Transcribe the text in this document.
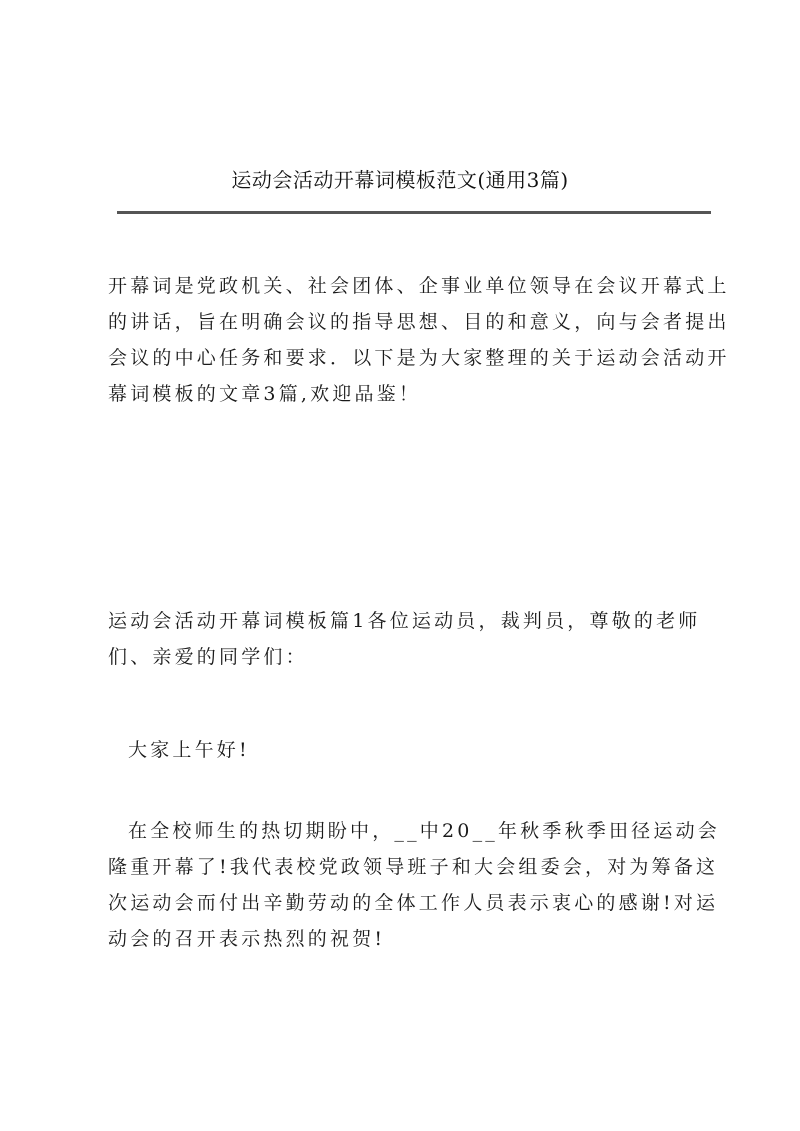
运动会活动开幕词模板范文(通用3篇)
开幕词是党政机关、社会团体、企事业单位领导在会议开幕式上
的讲话，旨在明确会议的指导思想、目的和意义，向与会者提出
会议的中心任务和要求．以下是为大家整理的关于运动会活动开
幕词模板的文章3篇,欢迎品鉴！
运动会活动开幕词模板篇1各位运动员，裁判员，尊敬的老师
们、亲爱的同学们：
大家上午好!
在全校师生的热切期盼中，__中20__年秋季秋季田径运动会
隆重开幕了!我代表校党政领导班子和大会组委会，对为筹备这
次运动会而付出辛勤劳动的全体工作人员表示衷心的感谢!对运
动会的召开表示热烈的祝贺!
